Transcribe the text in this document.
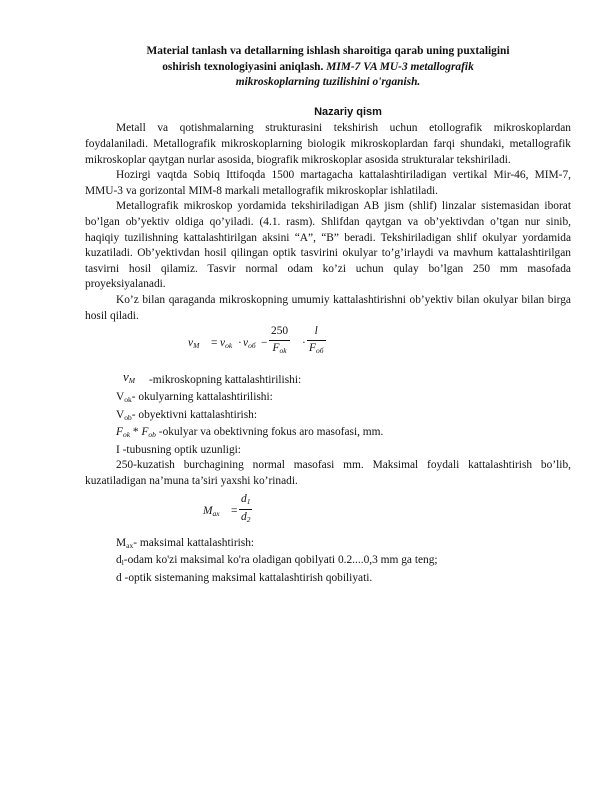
Material tanlash va detallarning ishlash sharoitiga qarab uning puxtaligini
oshirish texnologiyasini aniqlash. MIM-7 VA MU-3 metallografik
mikroskoplarning tuzilishini o'rganish.
Nazariy qism

Metall va qotishmalarning strukturasini tekshirish uchun etollografik mikroskoplardan foydalaniladi. Metallografik mikroskoplarning biologik mikroskoplardan farqi shundaki, metallografik mikroskoplar qaytgan nurlar asosida, biografik mikroskoplar asosida strukturalar tekshiriladi.

Hozirgi vaqtda Sobiq Ittifoqda 1500 martagacha kattalashtiriladigan vertikal Mir-46, MIM-7, MMU-3 va gorizontal MIM-8 markali metallografik mikroskoplar ishlatiladi.

Metallografik mikroskop yordamida tekshiriladigan AB jism (shlif) linzalar sistemasidan iborat bo’lgan ob’yektiv oldiga qo’yiladi. (4.1. rasm). Shlifdan qaytgan va ob’yektivdan o’tgan nur sinib, haqiqiy tuzilishning kattalashtirilgan aksini “A”, “B” beradi. Tekshiriladigan shlif okulyar yordamida kuzatiladi. Ob’yektivdan hosil qilingan optik tasvirini okulyar to’g’irlaydi va mavhum kattalashtirilgan tasvirni hosil qilamiz. Tasvir normal odam ko’zi uchun qulay bo’lgan 250 mm masofada proyeksiyalanadi.

Ko’z bilan qaraganda mikroskopning umumiy kattalashtirishni ob’yektiv bilan okulyar bilan birga hosil qiladi.

$v_M = v_{ok} \cdot v_{oб}$ −
250
$F_{ok}$
·
l
$F_{oб}$
$v_M$ -mikroskopning kattalashtirilishi:
$V_{ok}-$ okulyarning kattalashtirilishi:
$V_{ob}-$ obyektivni kattalashtirish:
$F_{ok} * F_{ob}$ -okulyar va obektivning fokus aro masofasi, mm.
I -tubusning optik uzunligi:

250-kuzatish burchagining normal masofasi mm. Maksimal foydali kattalashtirish bo’lib, kuzatiladigan na’muna ta’siri yaxshi ko’rinadi.

$M_{ax} = \frac{d_1}{d_2}$
$M_{ax}-$ maksimal kattalashtirish:
$d_l$-odam ko'zi maksimal ko'ra oladigan qobilyati 0.2....0,3 mm ga teng;
d -optik sistemaning maksimal kattalashtirish qobiliyati.
